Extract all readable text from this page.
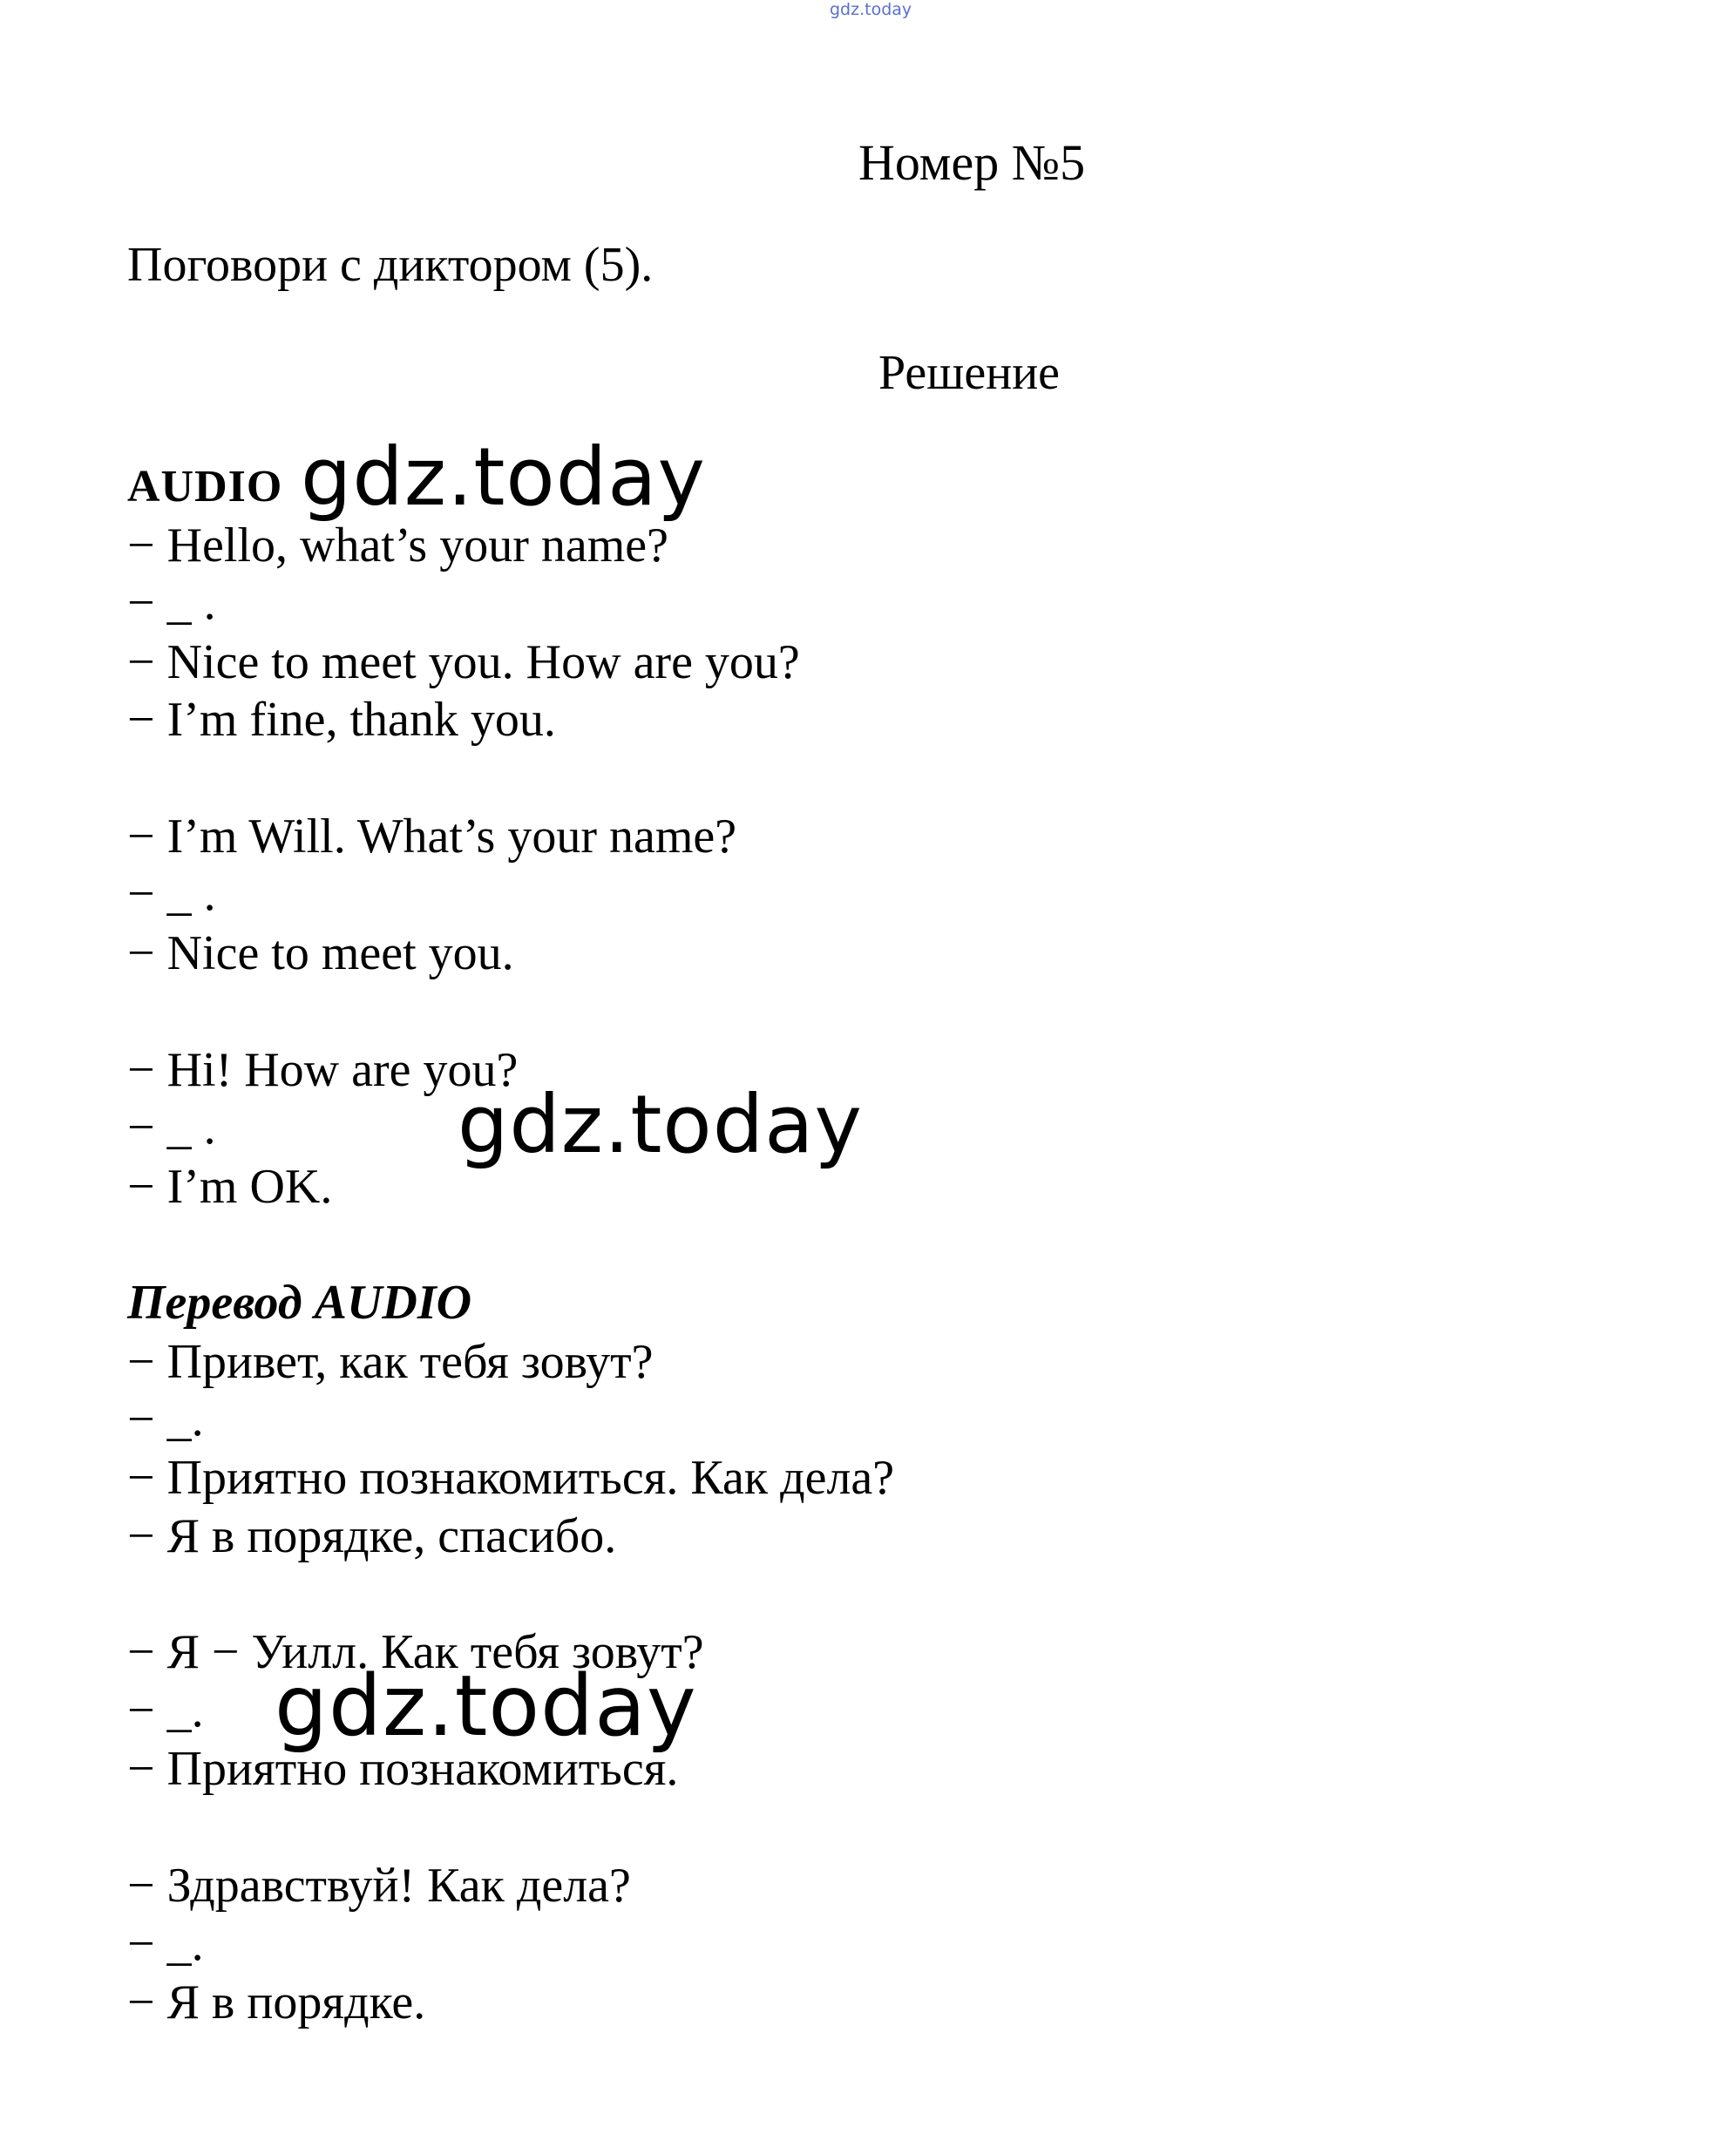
gdz.today
Номер №5
Поговори с диктором (5).
Решение
AUDIO
− Hello, what’s your name?
− _ .
− Nice to meet you. How are you?
− I’m fine, thank you.
− I’m Will. What’s your name?
− _ .
− Nice to meet you.
− Hi! How are you?
− _ .
− I’m OK.
Перевод AUDIO
− Привет, как тебя зовут?
− _.
− Приятно познакомиться. Как дела?
− Я в порядке, спасибо.
− Я − Уилл. Как тебя зовут?
− _.
− Приятно познакомиться.
− Здравствуй! Как дела?
− _.
− Я в порядке.
gdz.today
gdz.today
gdz.today
